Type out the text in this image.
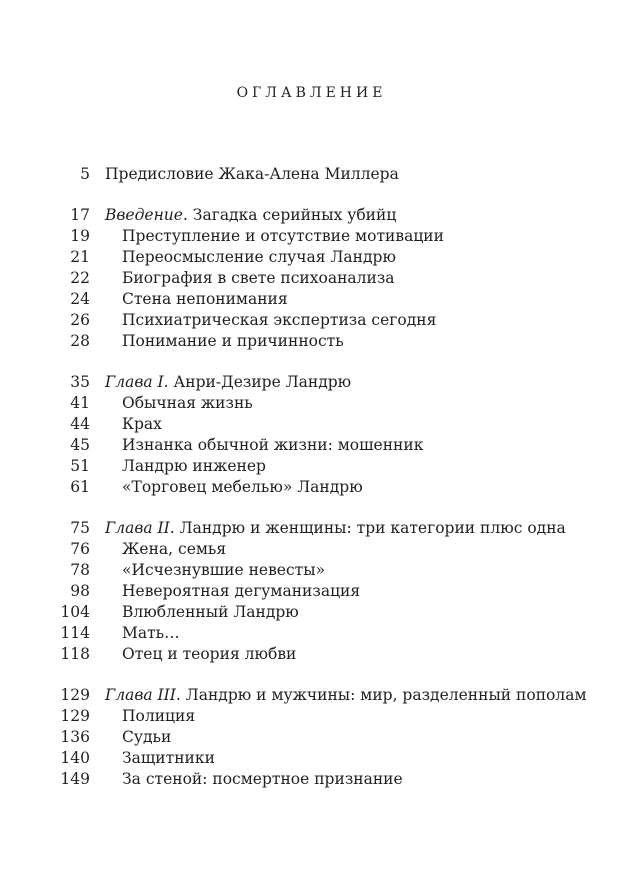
ОГЛАВЛЕНИЕ
5 Предисловие Жака-Алена Миллера
17 Введение. Загадка серийных убийц
19 Преступление и отсутствие мотивации
21 Переосмысление случая Ландрю
22 Биография в свете психоанализа
24 Стена непонимания
26 Психиатрическая экспертиза сегодня
28 Понимание и причинность
35 Глава I. Анри-Дезире Ландрю
41 Обычная жизнь
44 Крах
45 Изнанка обычной жизни: мошенник
51 Ландрю инженер
61 «Торговец мебелью» Ландрю
75 Глава II. Ландрю и женщины: три категории плюс одна
76 Жена, семья
78 «Исчезнувшие невесты»
98 Невероятная дегуманизация
104 Влюбленный Ландрю
114 Мать…
118 Отец и теория любви
129 Глава III. Ландрю и мужчины: мир, разделенный пополам
129 Полиция
136 Судьи
140 Защитники
149 За стеной: посмертное признание
